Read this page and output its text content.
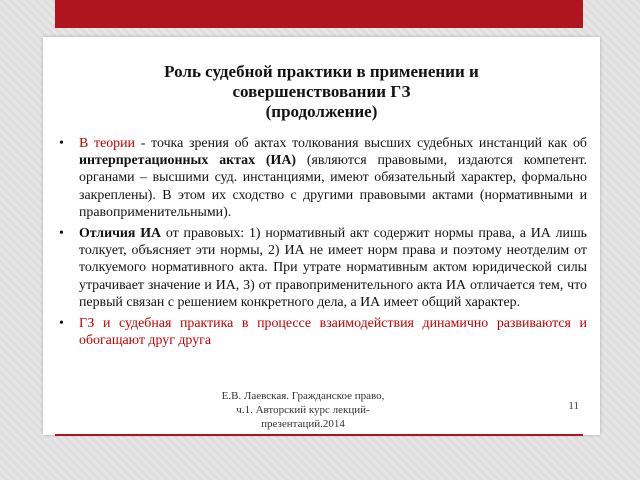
Роль судебной практики в применении и
совершенствовании ГЗ
(продолжение)
•	В теории - точка зрения об актах толкования высших судебных инстанций как об интерпретационных актах (ИА) (являются правовыми, издаются компетент. органами – высшими суд. инстанциями, имеют обязательный характер, формально закреплены). В этом их сходство с другими правовыми актами (нормативными и правоприменительными).
•	Отличия ИА от правовых: 1) нормативный акт содержит нормы права, а ИА лишь толкует, объясняет эти нормы, 2) ИА не имеет норм права и поэтому неотделим от толкуемого нормативного акта. При утрате нормативным актом юридической силы утрачивает значение и ИА, 3) от правоприменительного акта ИА отличается тем, что первый связан с решением конкретного дела, а ИА имеет общий характер.
•	ГЗ и судебная практика в процессе взаимодействия динамично развиваются и обогащают друг друга
Е.В. Лаевская. Гражданское право,
ч.1. Авторский курс лекций-
презентаций.2014
11
